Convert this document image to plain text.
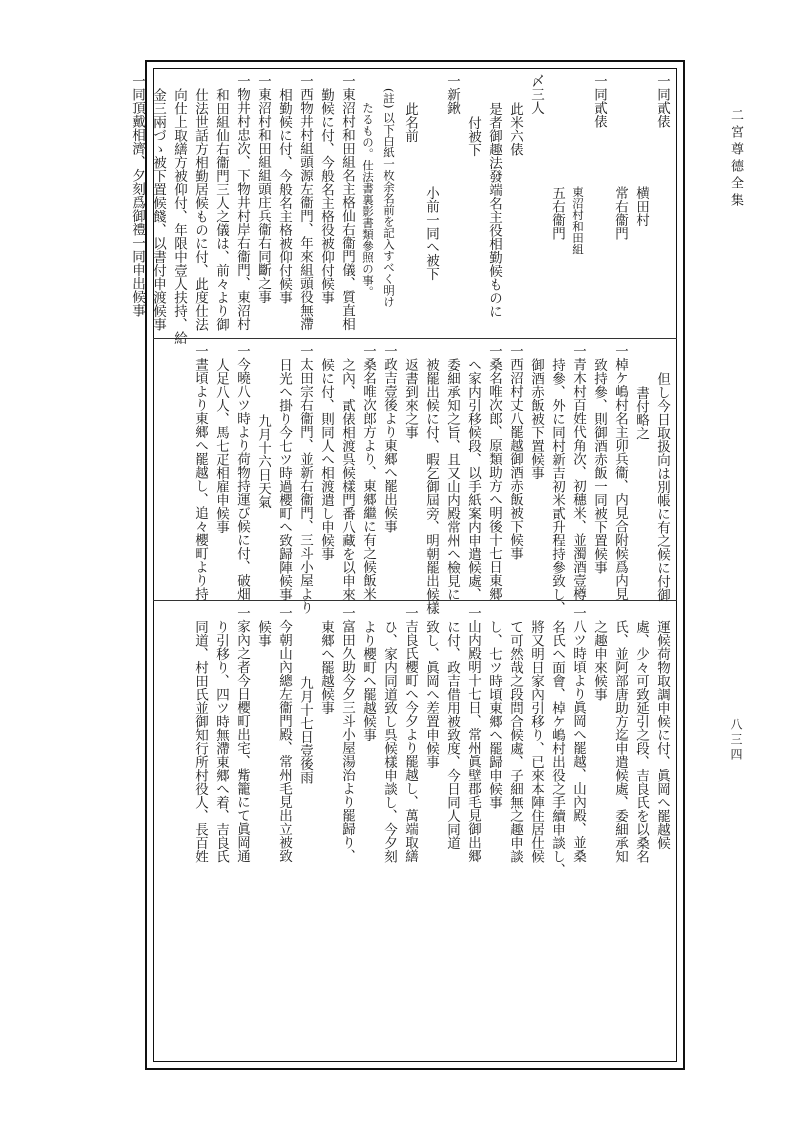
二宮尊德全集
八三四
一同貳俵
横田村
常右衞門
一同貳俵
東沼村和田組
五右衞門
〆三人
此米六俵
是者御趣法發端名主役相勤候ものに
付被下
一新鍬
小前一同へ被下
此名前
(註) 以下白紙一枚余名前を記入すべく明け
たるもの。仕法書裏影書類參照の事。
一東沼村和田組名主格仙右衞門儀、質直相
勤候に付、今般名主格役被仰付候事
一西物井村組頭源左衞門、年來組頭役無滯
相勤候に付、今般名主格被仰付候事
一東沼村和田組組頭庄兵衞右同斷之事
一物井村忠次、下物井村岸右衞門、東沼村
和田組仙右衞門三人之儀は、前々より御
仕法世話方相勤居候ものに付、此度仕法
向仕上取繕方被仰付、年限中壹人扶持、給
金三兩づゝ被下置候餞、以書付申渡候事
一同頂戴相濟、夕刻爲御禮一同申出候事
但し今日取扱向は別帳に有之候に付御
書付略之
一棹ケ嶋村名主卯兵衞、内見合附候爲内見
致持參、則御酒赤飯一同被下置候事
一青木村百姓代角次、初穗米、並濁酒壹樽
持參、外に同村新吉初米貳升程持參致し、
御酒赤飯被下置候事
一西沼村丈八罷越御酒赤飯被下候事
一桑名唯次郎、原類助方へ明後十七日東郷
へ家内引移候段、以手紙案内申遣候處、
委細承知之旨、且又山内殿常州へ檢見に
被罷出候に付、暇乞御屆旁、明朝罷出候樣
返書到來之事
一政吉壹後より東郷へ罷出候事
一桑名唯次郎方より、東郷繼に有之候飯米
之內、貳俵相渡呉候樣門番八藏を以申來
候に付、則同人へ相渡遣し申候事
一太田宗右衞門、並新右衞門、三斗小屋より
日光へ掛り今七ツ時過櫻町へ致歸陣候事
九月十六日天氣
一今曉八ツ時より荷物持運び候に付、破畑
人足八人、馬七疋相雇申候事
一晝頃より東郷へ罷越し、追々櫻町より持
運候荷物取調申候に付、眞岡へ罷越候
處、少々可致延引之段、吉良氏を以桑名
氏、並阿部唐助方迄申遣候處、委細承知
之趣申來候事
一八ツ時頃より眞岡へ罷越、山內殿、並桑
名氏へ面會、棹ケ嶋村出役之手續申談し、
將又明日家內引移り、已來本陣住居仕候
て可然哉之段問合候處、子細無之趣申談
し、七ツ時頃東郷へ罷歸申候事
一山内殿明十七日、常州眞壁郡毛見御出郷
に付、政吉借用被致度、今日同人同道
致し、眞岡へ差置申候事
一吉良氏櫻町へ今夕より罷越し、萬端取繕
ひ、家内同道致し呉候樣申談し、今夕刻
より櫻町へ罷越候事
一富田久助今夕三斗小屋湯治より罷歸り、
東郷へ罷越候事
九月十七日壹後雨
一今朝山內總左衞門殿、常州毛見出立被致
候事
一家內之者今日櫻町出宅、觜籠にて眞岡通
り引移り、四ツ時無滯東郷へ着、吉良氏
同道、村田氏並御知行所村役人、長百姓
